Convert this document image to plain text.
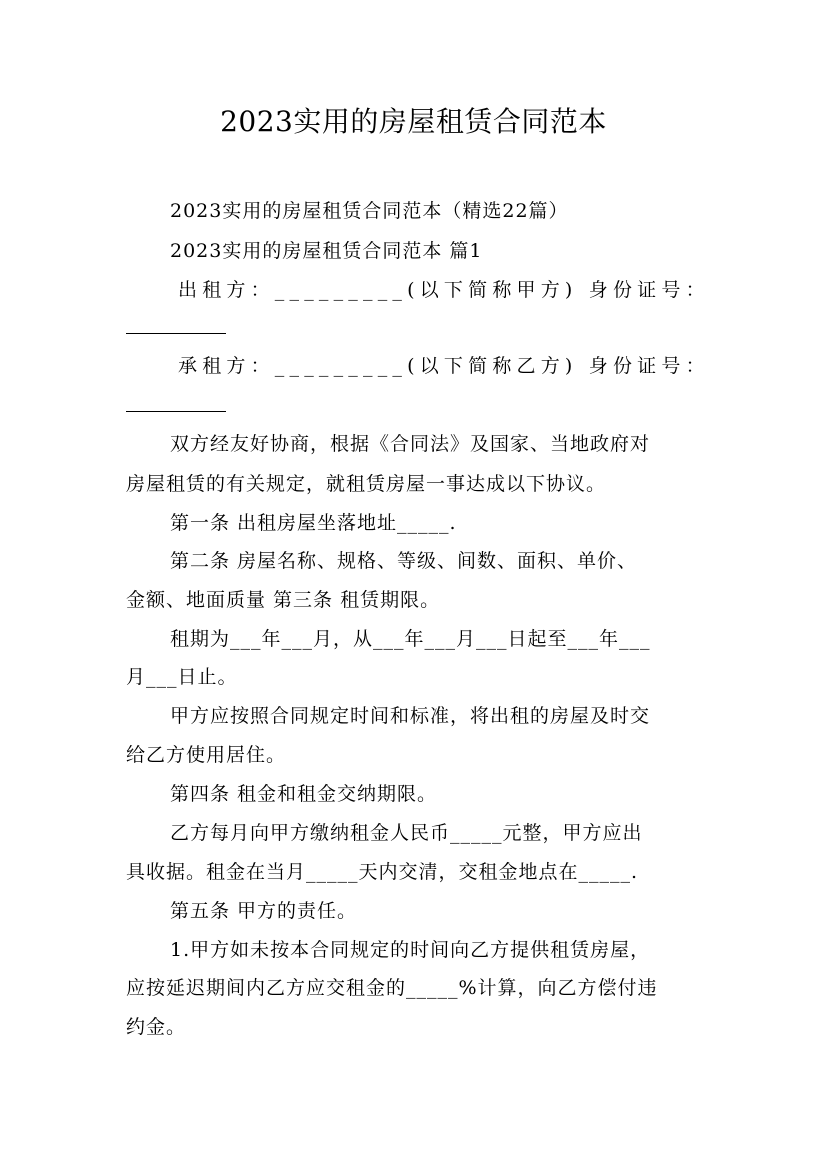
2023实用的房屋租赁合同范本
2023实用的房屋租赁合同范本（精选22篇）
2023实用的房屋租赁合同范本 篇1
出租方：_________(以下简称甲方) 身份证号：
承租方：_________(以下简称乙方) 身份证号：
双方经友好协商，根据《合同法》及国家、当地政府对
房屋租赁的有关规定，就租赁房屋一事达成以下协议。
第一条 出租房屋坐落地址_____.
第二条 房屋名称、规格、等级、间数、面积、单价、
金额、地面质量 第三条 租赁期限。
租期为___年___月，从___年___月___日起至___年___
月___日止。
甲方应按照合同规定时间和标准，将出租的房屋及时交
给乙方使用居住。
第四条 租金和租金交纳期限。
乙方每月向甲方缴纳租金人民币_____元整，甲方应出
具收据。租金在当月_____天内交清，交租金地点在_____.
第五条 甲方的责任。
1.甲方如未按本合同规定的时间向乙方提供租赁房屋，
应按延迟期间内乙方应交租金的_____%计算，向乙方偿付违
约金。
